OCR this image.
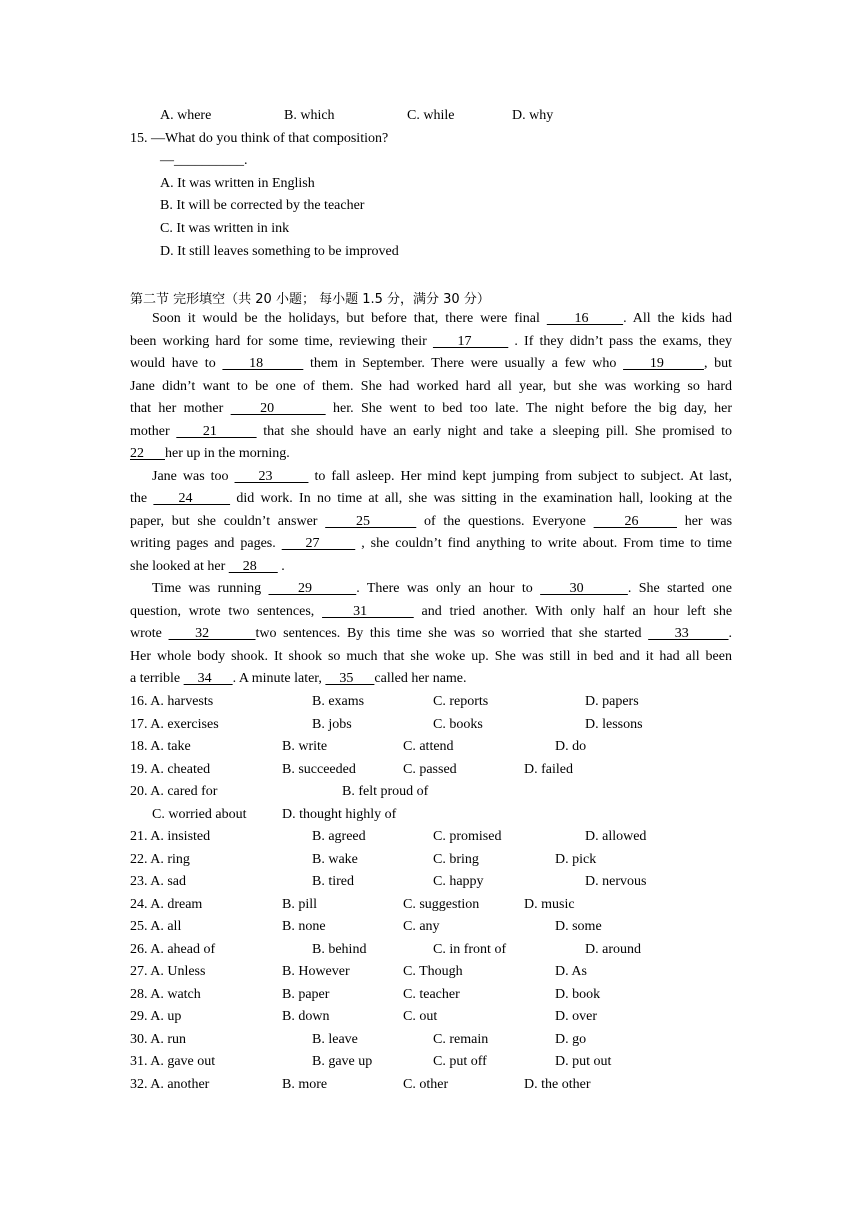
A. where	B. which	C. while	D. why
15. —What do you think of that composition?
—__________.
A. It was written in English
B. It will be corrected by the teacher
C. It was written in ink
D. It still leaves something to be improved
第二节 完形填空（共 20 小题； 每小题 1.5 分，满分 30 分）
Soon it would be the holidays, but before that, there were final     16     . All the kids had
been working hard for some time, reviewing their     17       . If they didn’t pass the exams, they
would have to     18       them in September. There were usually a few who     19      , but
Jane didn’t want to be one of them. She had worked hard all year, but she was working so hard
that her mother     20        her. She went to bed too late. The night before the big day, her
mother     21       that she should have an early night and take a sleeping pill. She promised to
22      her up in the morning.
Jane was too     23       to fall asleep. Her mind kept jumping from subject to subject. At last,
the     24       did work. In no time at all, she was sitting in the examination hall, looking at the
paper, but she couldn’t answer     25       of the questions. Everyone     26      her was
writing pages and pages.     27       , she couldn’t find anything to write about. From time to time
she looked at her     28       .
Time was running     29      . There was only an hour to     30      . She started one
question, wrote two sentences,     31       and tried another. With only half an hour left she
wrote     32       two sentences. By this time she was so worried that she started     33      .
Her whole body shook. It shook so much that she woke up. She was still in bed and it had all been
a terrible     34      . A minute later,     35      called her name.
16. A. harvests	B. exams	C. reports	D. papers
17. A. exercises	B. jobs	C. books	D. lessons
18. A. take	B. write	C. attend	D. do
19. A. cheated	B. succeeded	C. passed	D. failed
20. A. cared for	B. felt proud of
C. worried about	D. thought highly of
21. A. insisted	B. agreed	C. promised	D. allowed
22. A. ring	B. wake	C. bring	D. pick
23. A. sad	B. tired	C. happy	D. nervous
24. A. dream	B. pill	C. suggestion	D. music
25. A. all	B. none	C. any	D. some
26. A. ahead of	B. behind	C. in front of	D. around
27. A. Unless	B. However	C. Though	D. As
28. A. watch	B. paper	C. teacher	D. book
29. A. up	B. down	C. out	D. over
30. A. run	B. leave	C. remain	D. go
31. A. gave out	B. gave up	C. put off	D. put out
32. A. another	B. more	C. other	D. the other
